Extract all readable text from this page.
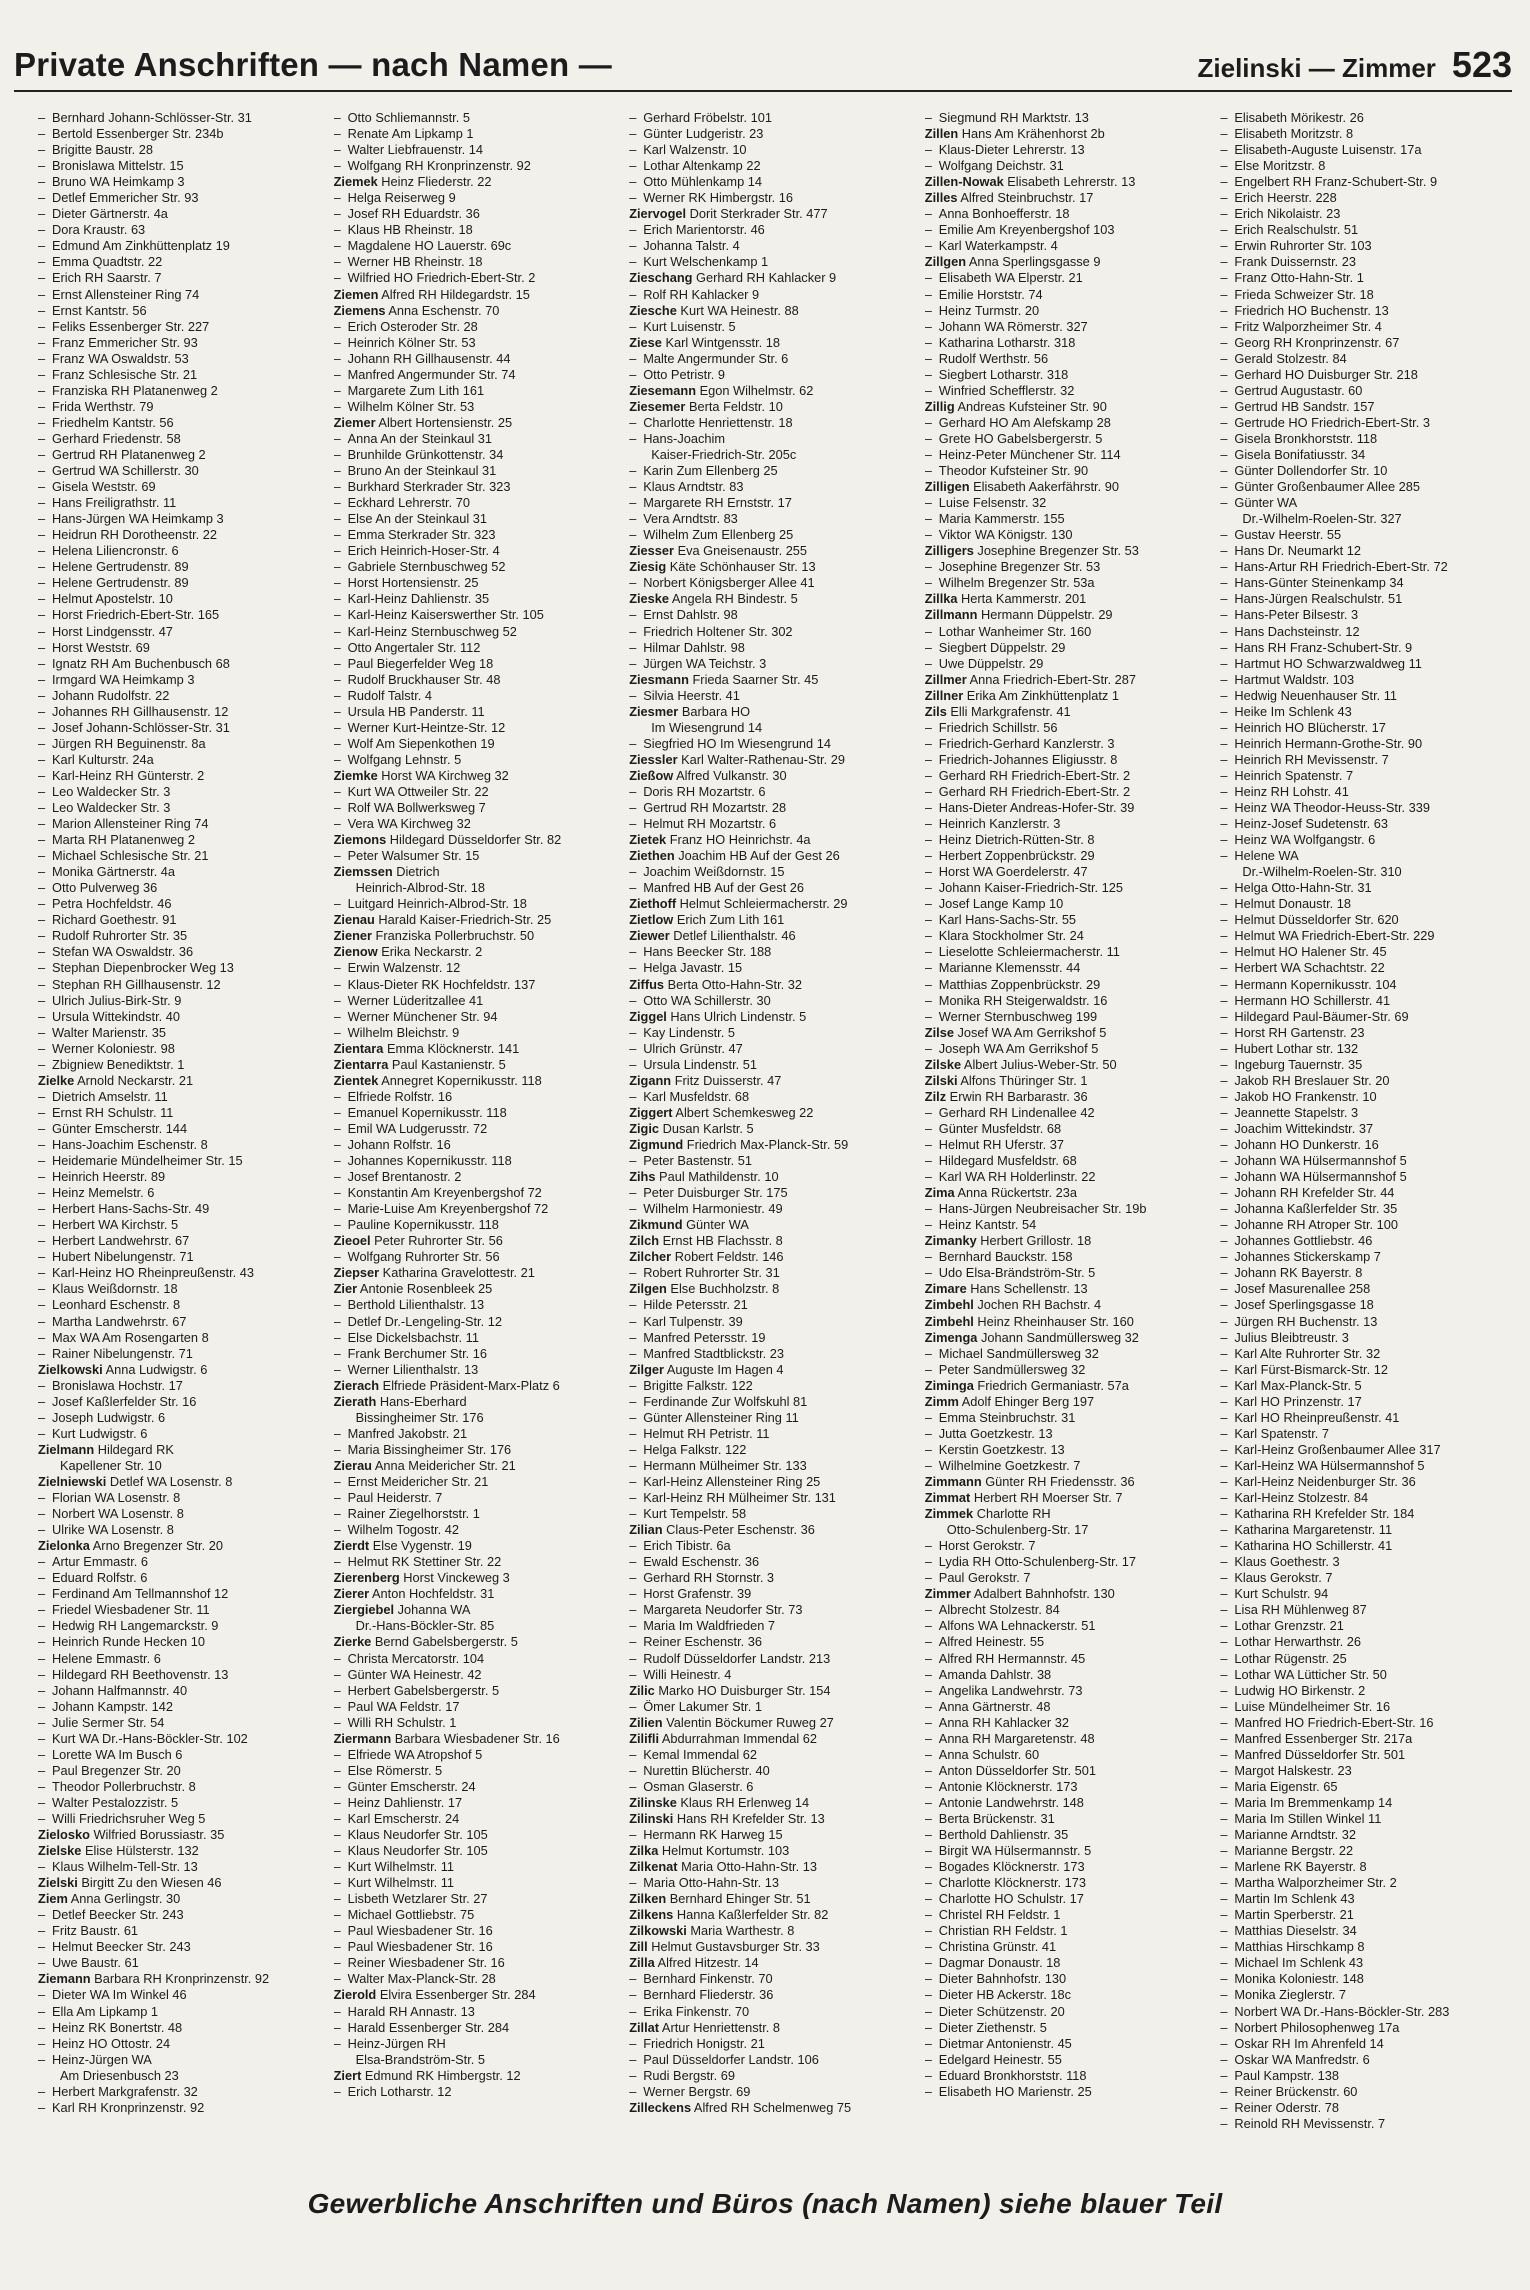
Private Anschriften — nach Namen —	Zielinski — Zimmer 523
– Bernhard Johann-Schlösser-Str. 31
– Bertold Essenberger Str. 234b
– Brigitte Baustr. 28
– Bronislawa Mittelstr. 15
– Bruno WA Heimkamp 3
– Detlef Emmericher Str. 93
– Dieter Gärtnerstr. 4a
– Dora Kraustr. 63
– Edmund Am Zinkhüttenplatz 19
– Emma Quadtstr. 22
– Erich RH Saarstr. 7
– Ernst Allensteiner Ring 74
– Ernst Kantstr. 56
– Feliks Essenberger Str. 227
– Franz Emmericher Str. 93
– Franz WA Oswaldstr. 53
– Franz Schlesische Str. 21
– Franziska RH Platanenweg 2
– Frida Werthstr. 79
– Friedhelm Kantstr. 56
– Gerhard Friedenstr. 58
– Gertrud RH Platanenweg 2
– Gertrud WA Schillerstr. 30
– Gisela Weststr. 69
– Hans Freiligrathstr. 11
– Hans-Jürgen WA Heimkamp 3
– Heidrun RH Dorotheenstr. 22
– Helena Liliencronstr. 6
– Helene Gertrudenstr. 89
– Helene Gertrudenstr. 89
– Helmut Apostelstr. 10
– Horst Friedrich-Ebert-Str. 165
– Horst Lindgensstr. 47
– Horst Weststr. 69
– Ignatz RH Am Buchenbusch 68
– Irmgard WA Heimkamp 3
– Johann Rudolfstr. 22
– Johannes RH Gillhausenstr. 12
– Josef Johann-Schlösser-Str. 31
– Jürgen RH Beguinenstr. 8a
– Karl Kulturstr. 24a
– Karl-Heinz RH Günterstr. 2
– Leo Waldecker Str. 3
– Leo Waldecker Str. 3
– Marion Allensteiner Ring 74
– Marta RH Platanenweg 2
– Michael Schlesische Str. 21
– Monika Gärtnerstr. 4a
– Otto Pulverweg 36
– Petra Hochfeldstr. 46
– Richard Goethestr. 91
– Rudolf Ruhrorter Str. 35
– Stefan WA Oswaldstr. 36
– Stephan Diepenbrocker Weg 13
– Stephan RH Gillhausenstr. 12
– Ulrich Julius-Birk-Str. 9
– Ursula Wittekindstr. 40
– Walter Marienstr. 35
– Werner Koloniestr. 98
– Zbigniew Benediktstr. 1
Zielke Arnold Neckarstr. 21
– Dietrich Amselstr. 11
– Ernst RH Schulstr. 11
– Günter Emscherstr. 144
– Hans-Joachim Eschenstr. 8
– Heidemarie Mündelheimer Str. 15
– Heinrich Heerstr. 89
– Heinz Memelstr. 6
– Herbert Hans-Sachs-Str. 49
– Herbert WA Kirchstr. 5
– Herbert Landwehrstr. 67
– Hubert Nibelungenstr. 71
– Karl-Heinz HO Rheinpreußenstr. 43
– Klaus Weißdornstr. 18
– Leonhard Eschenstr. 8
– Martha Landwehrstr. 67
– Max WA Am Rosengarten 8
– Rainer Nibelungenstr. 71
Zielkowski Anna Ludwigstr. 6
– Bronislawa Hochstr. 17
– Josef Kaßlerfelder Str. 16
– Joseph Ludwigstr. 6
– Kurt Ludwigstr. 6
Zielmann Hildegard RK
Kapellener Str. 10
Zielniewski Detlef WA Losenstr. 8
– Florian WA Losenstr. 8
– Norbert WA Losenstr. 8
– Ulrike WA Losenstr. 8
Zielonka Arno Bregenzer Str. 20
– Artur Emmastr. 6
– Eduard Rolfstr. 6
– Ferdinand Am Tellmannshof 12
– Friedel Wiesbadener Str. 11
– Hedwig RH Langemarckstr. 9
– Heinrich Runde Hecken 10
– Helene Emmastr. 6
– Hildegard RH Beethovenstr. 13
– Johann Halfmannstr. 40
– Johann Kampstr. 142
– Julie Sermer Str. 54
– Kurt WA Dr.-Hans-Böckler-Str. 102
– Lorette WA Im Busch 6
– Paul Bregenzer Str. 20
– Theodor Pollerbruchstr. 8
– Walter Pestalozzistr. 5
– Willi Friedrichsruher Weg 5
Zielosko Wilfried Borussiastr. 35
Zielske Elise Hülsterstr. 132
– Klaus Wilhelm-Tell-Str. 13
Zielski Birgitt Zu den Wiesen 46
Ziem Anna Gerlingstr. 30
– Detlef Beecker Str. 243
– Fritz Baustr. 61
– Helmut Beecker Str. 243
– Uwe Baustr. 61
Ziemann Barbara RH Kronprinzenstr. 92
– Dieter WA Im Winkel 46
– Ella Am Lipkamp 1
– Heinz RK Bonertstr. 48
– Heinz HO Ottostr. 24
– Heinz-Jürgen WA
Am Driesenbusch 23
– Herbert Markgrafenstr. 32
– Karl RH Kronprinzenstr. 92
– Otto Schliemannstr. 5
– Renate Am Lipkamp 1
– Walter Liebfrauenstr. 14
– Wolfgang RH Kronprinzenstr. 92
Ziemek Heinz Fliederstr. 22
– Helga Reiserweg 9
– Josef RH Eduardstr. 36
– Klaus HB Rheinstr. 18
– Magdalene HO Lauerstr. 69c
– Werner HB Rheinstr. 18
– Wilfried HO Friedrich-Ebert-Str. 2
Ziemen Alfred RH Hildegardstr. 15
Ziemens Anna Eschenstr. 70
– Erich Osteroder Str. 28
– Heinrich Kölner Str. 53
– Johann RH Gillhausenstr. 44
– Manfred Angermunder Str. 74
– Margarete Zum Lith 161
– Wilhelm Kölner Str. 53
Ziemer Albert Hortensienstr. 25
– Anna An der Steinkaul 31
– Brunhilde Grünkottenstr. 34
– Bruno An der Steinkaul 31
– Burkhard Sterkrader Str. 323
– Eckhard Lehrerstr. 70
– Else An der Steinkaul 31
– Emma Sterkrader Str. 323
– Erich Heinrich-Hoser-Str. 4
– Gabriele Sternbuschweg 52
– Horst Hortensienstr. 25
– Karl-Heinz Dahlienstr. 35
– Karl-Heinz Kaiserswerther Str. 105
– Karl-Heinz Sternbuschweg 52
– Otto Angertaler Str. 112
– Paul Biegerfelder Weg 18
– Rudolf Bruckhauser Str. 48
– Rudolf Talstr. 4
– Ursula HB Panderstr. 11
– Werner Kurt-Heintze-Str. 12
– Wolf Am Siepenkothen 19
– Wolfgang Lehnstr. 5
Ziemke Horst WA Kirchweg 32
– Kurt WA Ottweiler Str. 22
– Rolf WA Bollwerksweg 7
– Vera WA Kirchweg 32
Ziemons Hildegard Düsseldorfer Str. 82
– Peter Walsumer Str. 15
Ziemssen Dietrich
Heinrich-Albrod-Str. 18
– Luitgard Heinrich-Albrod-Str. 18
Zienau Harald Kaiser-Friedrich-Str. 25
Ziener Franziska Pollerbruchstr. 50
Zienow Erika Neckarstr. 2
– Erwin Walzenstr. 12
– Klaus-Dieter RK Hochfeldstr. 137
– Werner Lüderitzallee 41
– Werner Münchener Str. 94
– Wilhelm Bleichstr. 9
Zientara Emma Klöcknerstr. 141
Zientarra Paul Kastanienstr. 5
Zientek Annegret Kopernikusstr. 118
– Elfriede Rolfstr. 16
– Emanuel Kopernikusstr. 118
– Emil WA Ludgerusstr. 72
– Johann Rolfstr. 16
– Johannes Kopernikusstr. 118
– Josef Brentanostr. 2
– Konstantin Am Kreyenbergshof 72
– Marie-Luise Am Kreyenbergshof 72
– Pauline Kopernikusstr. 118
Zieoel Peter Ruhrorter Str. 56
– Wolfgang Ruhrorter Str. 56
Ziepser Katharina Gravelottestr. 21
Zier Antonie Rosenbleek 25
– Berthold Lilienthalstr. 13
– Detlef Dr.-Lengeling-Str. 12
– Else Dickelsbachstr. 11
– Frank Berchumer Str. 16
– Werner Lilienthalstr. 13
Zierach Elfriede Präsident-Marx-Platz 6
Zierath Hans-Eberhard
Bissingheimer Str. 176
– Manfred Jakobstr. 21
– Maria Bissingheimer Str. 176
Zierau Anna Meidericher Str. 21
– Ernst Meidericher Str. 21
– Paul Heiderstr. 7
– Rainer Ziegelhorststr. 1
– Wilhelm Togostr. 42
Zierdt Else Vygenstr. 19
– Helmut RK Stettiner Str. 22
Zierenberg Horst Vinckeweg 3
Zierer Anton Hochfeldstr. 31
Ziergiebel Johanna WA
Dr.-Hans-Böckler-Str. 85
Zierke Bernd Gabelsbergerstr. 5
– Christa Mercatorstr. 104
– Günter WA Heinestr. 42
– Herbert Gabelsbergerstr. 5
– Paul WA Feldstr. 17
– Willi RH Schulstr. 1
Ziermann Barbara Wiesbadener Str. 16
– Elfriede WA Atropshof 5
– Else Römerstr. 5
– Günter Emscherstr. 24
– Heinz Dahlienstr. 17
– Karl Emscherstr. 24
– Klaus Neudorfer Str. 105
– Klaus Neudorfer Str. 105
– Kurt Wilhelmstr. 11
– Kurt Wilhelmstr. 11
– Lisbeth Wetzlarer Str. 27
– Michael Gottliebstr. 75
– Paul Wiesbadener Str. 16
– Paul Wiesbadener Str. 16
– Reiner Wiesbadener Str. 16
– Walter Max-Planck-Str. 28
Zierold Elvira Essenberger Str. 284
– Harald RH Annastr. 13
– Harald Essenberger Str. 284
– Heinz-Jürgen RH
Elsa-Brandström-Str. 5
Ziert Edmund RK Himbergstr. 12
– Erich Lotharstr. 12
– Gerhard Fröbelstr. 101
– Günter Ludgeristr. 23
– Karl Walzenstr. 10
– Lothar Altenkamp 22
– Otto Mühlenkamp 14
– Werner RK Himbergstr. 16
Ziervogel Dorit Sterkrader Str. 477
– Erich Marientorstr. 46
– Johanna Talstr. 4
– Kurt Welschenkamp 1
Zieschang Gerhard RH Kahlacker 9
– Rolf RH Kahlacker 9
Ziesche Kurt WA Heinestr. 88
– Kurt Luisenstr. 5
Ziese Karl Wintgensstr. 18
– Malte Angermunder Str. 6
– Otto Petristr. 9
Ziesemann Egon Wilhelmstr. 62
Ziesemer Berta Feldstr. 10
– Charlotte Henriettenstr. 18
– Hans-Joachim
Kaiser-Friedrich-Str. 205c
– Karin Zum Ellenberg 25
– Klaus Arndtstr. 83
– Margarete RH Ernststr. 17
– Vera Arndtstr. 83
– Wilhelm Zum Ellenberg 25
Ziesser Eva Gneisenaustr. 255
Ziesig Käte Schönhauser Str. 13
– Norbert Königsberger Allee 41
Zieske Angela RH Bindestr. 5
– Ernst Dahlstr. 98
– Friedrich Holtener Str. 302
– Hilmar Dahlstr. 98
– Jürgen WA Teichstr. 3
Ziesmann Frieda Saarner Str. 45
– Silvia Heerstr. 41
Ziesmer Barbara HO
Im Wiesengrund 14
– Siegfried HO Im Wiesengrund 14
Ziessler Karl Walter-Rathenau-Str. 29
Zießow Alfred Vulkanstr. 30
– Doris RH Mozartstr. 6
– Gertrud RH Mozartstr. 28
– Helmut RH Mozartstr. 6
Zietek Franz HO Heinrichstr. 4a
Ziethen Joachim HB Auf der Gest 26
– Joachim Weißdornstr. 15
– Manfred HB Auf der Gest 26
Ziethoff Helmut Schleiermacherstr. 29
Zietlow Erich Zum Lith 161
Ziewer Detlef Lilienthalstr. 46
– Hans Beecker Str. 188
– Helga Javastr. 15
Ziffus Berta Otto-Hahn-Str. 32
– Otto WA Schillerstr. 30
Ziggel Hans Ulrich Lindenstr. 5
– Kay Lindenstr. 5
– Ulrich Grünstr. 47
– Ursula Lindenstr. 51
Zigann Fritz Duisserstr. 47
– Karl Musfeldstr. 68
Ziggert Albert Schemkesweg 22
Zigic Dusan Karlstr. 5
Zigmund Friedrich Max-Planck-Str. 59
– Peter Bastenstr. 51
Zihs Paul Mathildenstr. 10
– Peter Duisburger Str. 175
– Wilhelm Harmoniestr. 49
Zikmund Günter WA
Zilch Ernst HB Flachsstr. 8
Zilcher Robert Feldstr. 146
– Robert Ruhrorter Str. 31
Zilgen Else Buchholzstr. 8
– Hilde Petersstr. 21
– Karl Tulpenstr. 39
– Manfred Petersstr. 19
– Manfred Stadtblickstr. 23
Zilger Auguste Im Hagen 4
– Brigitte Falkstr. 122
– Ferdinande Zur Wolfskuhl 81
– Günter Allensteiner Ring 11
– Helmut RH Petristr. 11
– Helga Falkstr. 122
– Hermann Mülheimer Str. 133
– Karl-Heinz Allensteiner Ring 25
– Karl-Heinz RH Mülheimer Str. 131
– Kurt Tempelstr. 58
Zilian Claus-Peter Eschenstr. 36
– Erich Tibistr. 6a
– Ewald Eschenstr. 36
– Gerhard RH Stornstr. 3
– Horst Grafenstr. 39
– Margareta Neudorfer Str. 73
– Maria Im Waldfrieden 7
– Reiner Eschenstr. 36
– Rudolf Düsseldorfer Landstr. 213
– Willi Heinestr. 4
Zilic Marko HO Duisburger Str. 154
– Ömer Lakumer Str. 1
Zilien Valentin Böckumer Ruweg 27
Zilifli Abdurrahman Immendal 62
– Kemal Immendal 62
– Nurettin Blücherstr. 40
– Osman Glaserstr. 6
Zilinske Klaus RH Erlenweg 14
Zilinski Hans RH Krefelder Str. 13
– Hermann RK Harweg 15
Zilka Helmut Kortumstr. 103
Zilkenat Maria Otto-Hahn-Str. 13
– Maria Otto-Hahn-Str. 13
Zilken Bernhard Ehinger Str. 51
Zilkens Hanna Kaßlerfelder Str. 82
Zilkowski Maria Warthestr. 8
Zill Helmut Gustavsburger Str. 33
Zilla Alfred Hitzestr. 14
– Bernhard Finkenstr. 70
– Bernhard Fliederstr. 36
– Erika Finkenstr. 70
Zillat Artur Henriettenstr. 8
– Friedrich Honigstr. 21
– Paul Düsseldorfer Landstr. 106
– Rudi Bergstr. 69
– Werner Bergstr. 69
Zilleckens Alfred RH Schelmenweg 75
– Siegmund RH Marktstr. 13
Zillen Hans Am Krähenhorst 2b
– Klaus-Dieter Lehrerstr. 13
– Wolfgang Deichstr. 31
Zillen-Nowak Elisabeth Lehrerstr. 13
Zilles Alfred Steinbruchstr. 17
– Anna Bonhoefferstr. 18
– Emilie Am Kreyenbergshof 103
– Karl Waterkampstr. 4
Zillgen Anna Sperlingsgasse 9
– Elisabeth WA Elperstr. 21
– Emilie Horststr. 74
– Heinz Turmstr. 20
– Johann WA Römerstr. 327
– Katharina Lotharstr. 318
– Rudolf Werthstr. 56
– Siegbert Lotharstr. 318
– Winfried Schefflerstr. 32
Zillig Andreas Kufsteiner Str. 90
– Gerhard HO Am Alefskamp 28
– Grete HO Gabelsbergerstr. 5
– Heinz-Peter Münchener Str. 114
– Theodor Kufsteiner Str. 90
Zilligen Elisabeth Aakerfährstr. 90
– Luise Felsenstr. 32
– Maria Kammerstr. 155
– Viktor WA Königstr. 130
Zilligers Josephine Bregenzer Str. 53
– Josephine Bregenzer Str. 53
– Wilhelm Bregenzer Str. 53a
Zillka Herta Kammerstr. 201
Zillmann Hermann Düppelstr. 29
– Lothar Wanheimer Str. 160
– Siegbert Düppelstr. 29
– Uwe Düppelstr. 29
Zillmer Anna Friedrich-Ebert-Str. 287
Zillner Erika Am Zinkhüttenplatz 1
Zils Elli Markgrafenstr. 41
– Friedrich Schillstr. 56
– Friedrich-Gerhard Kanzlerstr. 3
– Friedrich-Johannes Eligiusstr. 8
– Gerhard RH Friedrich-Ebert-Str. 2
– Gerhard RH Friedrich-Ebert-Str. 2
– Hans-Dieter Andreas-Hofer-Str. 39
– Heinrich Kanzlerstr. 3
– Heinz Dietrich-Rütten-Str. 8
– Herbert Zoppenbrückstr. 29
– Horst WA Goerdelerstr. 47
– Johann Kaiser-Friedrich-Str. 125
– Josef Lange Kamp 10
– Karl Hans-Sachs-Str. 55
– Klara Stockholmer Str. 24
– Lieselotte Schleiermacherstr. 11
– Marianne Klemensstr. 44
– Matthias Zoppenbrückstr. 29
– Monika RH Steigerwaldstr. 16
– Werner Sternbuschweg 199
Zilse Josef WA Am Gerrikshof 5
– Joseph WA Am Gerrikshof 5
Zilske Albert Julius-Weber-Str. 50
Zilski Alfons Thüringer Str. 1
Zilz Erwin RH Barbarastr. 36
– Gerhard RH Lindenallee 42
– Günter Musfeldstr. 68
– Helmut RH Uferstr. 37
– Hildegard Musfeldstr. 68
– Karl WA RH Holderlinstr. 22
Zima Anna Rückertstr. 23a
– Hans-Jürgen Neubreisacher Str. 19b
– Heinz Kantstr. 54
Zimanky Herbert Grillostr. 18
– Bernhard Bauckstr. 158
– Udo Elsa-Brändström-Str. 5
Zimare Hans Schellenstr. 13
Zimbehl Jochen RH Bachstr. 4
Zimbehl Heinz Rheinhauser Str. 160
Zimenga Johann Sandmüllersweg 32
– Michael Sandmüllersweg 32
– Peter Sandmüllersweg 32
Ziminga Friedrich Germaniastr. 57a
Zimm Adolf Ehinger Berg 197
– Emma Steinbruchstr. 31
– Jutta Goetzkestr. 13
– Kerstin Goetzkestr. 13
– Wilhelmine Goetzkestr. 7
Zimmann Günter RH Friedensstr. 36
Zimmat Herbert RH Moerser Str. 7
Zimmek Charlotte RH
Otto-Schulenberg-Str. 17
– Horst Gerokstr. 7
– Lydia RH Otto-Schulenberg-Str. 17
– Paul Gerokstr. 7
Zimmer Adalbert Bahnhofstr. 130
– Albrecht Stolzestr. 84
– Alfons WA Lehnackerstr. 51
– Alfred Heinestr. 55
– Alfred RH Hermannstr. 45
– Amanda Dahlstr. 38
– Angelika Landwehrstr. 73
– Anna Gärtnerstr. 48
– Anna RH Kahlacker 32
– Anna RH Margaretenstr. 48
– Anna Schulstr. 60
– Anton Düsseldorfer Str. 501
– Antonie Klöcknerstr. 173
– Antonie Landwehrstr. 148
– Berta Brückenstr. 31
– Berthold Dahlienstr. 35
– Birgit WA Hülsermannstr. 5
– Bogades Klöcknerstr. 173
– Charlotte Klöcknerstr. 173
– Charlotte HO Schulstr. 17
– Christel RH Feldstr. 1
– Christian RH Feldstr. 1
– Christina Grünstr. 41
– Dagmar Donaustr. 18
– Dieter Bahnhofstr. 130
– Dieter HB Ackerstr. 18c
– Dieter Schützenstr. 20
– Dieter Ziethenstr. 5
– Dietmar Antonienstr. 45
– Edelgard Heinestr. 55
– Eduard Bronkhorststr. 118
– Elisabeth HO Marienstr. 25
– Elisabeth Mörikestr. 26
– Elisabeth Moritzstr. 8
– Elisabeth-Auguste Luisenstr. 17a
– Else Moritzstr. 8
– Engelbert RH Franz-Schubert-Str. 9
– Erich Heerstr. 228
– Erich Nikolaistr. 23
– Erich Realschulstr. 51
– Erwin Ruhrorter Str. 103
– Frank Duissernstr. 23
– Franz Otto-Hahn-Str. 1
– Frieda Schweizer Str. 18
– Friedrich HO Buchenstr. 13
– Fritz Walporzheimer Str. 4
– Georg RH Kronprinzenstr. 67
– Gerald Stolzestr. 84
– Gerhard HO Duisburger Str. 218
– Gertrud Augustastr. 60
– Gertrud HB Sandstr. 157
– Gertrude HO Friedrich-Ebert-Str. 3
– Gisela Bronkhorststr. 118
– Gisela Bonifatiusstr. 34
– Günter Dollendorfer Str. 10
– Günter Großenbaumer Allee 285
– Günter WA
Dr.-Wilhelm-Roelen-Str. 327
– Gustav Heerstr. 55
– Hans Dr. Neumarkt 12
– Hans-Artur RH Friedrich-Ebert-Str. 72
– Hans-Günter Steinenkamp 34
– Hans-Jürgen Realschulstr. 51
– Hans-Peter Bilsestr. 3
– Hans Dachsteinstr. 12
– Hans RH Franz-Schubert-Str. 9
– Hartmut HO Schwarzwaldweg 11
– Hartmut Waldstr. 103
– Hedwig Neuenhauser Str. 11
– Heike Im Schlenk 43
– Heinrich HO Blücherstr. 17
– Heinrich Hermann-Grothe-Str. 90
– Heinrich RH Mevissenstr. 7
– Heinrich Spatenstr. 7
– Heinz RH Lohstr. 41
– Heinz WA Theodor-Heuss-Str. 339
– Heinz-Josef Sudetenstr. 63
– Heinz WA Wolfgangstr. 6
– Helene WA
Dr.-Wilhelm-Roelen-Str. 310
– Helga Otto-Hahn-Str. 31
– Helmut Donaustr. 18
– Helmut Düsseldorfer Str. 620
– Helmut WA Friedrich-Ebert-Str. 229
– Helmut HO Halener Str. 45
– Herbert WA Schachtstr. 22
– Hermann Kopernikusstr. 104
– Hermann HO Schillerstr. 41
– Hildegard Paul-Bäumer-Str. 69
– Horst RH Gartenstr. 23
– Hubert Lothar str. 132
– Ingeburg Tauernstr. 35
– Jakob RH Breslauer Str. 20
– Jakob HO Frankenstr. 10
– Jeannette Stapelstr. 3
– Joachim Wittekindstr. 37
– Johann HO Dunkerstr. 16
– Johann WA Hülsermannshof 5
– Johann WA Hülsermannshof 5
– Johann RH Krefelder Str. 44
– Johanna Kaßlerfelder Str. 35
– Johanne RH Atroper Str. 100
– Johannes Gottliebstr. 46
– Johannes Stickerskamp 7
– Johann RK Bayerstr. 8
– Josef Masurenallee 258
– Josef Sperlingsgasse 18
– Jürgen RH Buchenstr. 13
– Julius Bleibtreustr. 3
– Karl Alte Ruhrorter Str. 32
– Karl Fürst-Bismarck-Str. 12
– Karl Max-Planck-Str. 5
– Karl HO Prinzenstr. 17
– Karl HO Rheinpreußenstr. 41
– Karl Spatenstr. 7
– Karl-Heinz Großenbaumer Allee 317
– Karl-Heinz WA Hülsermannshof 5
– Karl-Heinz Neidenburger Str. 36
– Karl-Heinz Stolzestr. 84
– Katharina RH Krefelder Str. 184
– Katharina Margaretenstr. 11
– Katharina HO Schillerstr. 41
– Klaus Goethestr. 3
– Klaus Gerokstr. 7
– Kurt Schulstr. 94
– Lisa RH Mühlenweg 87
– Lothar Grenzstr. 21
– Lothar Herwarthstr. 26
– Lothar Rügenstr. 25
– Lothar WA Lütticher Str. 50
– Ludwig HO Birkenstr. 2
– Luise Mündelheimer Str. 16
– Manfred HO Friedrich-Ebert-Str. 16
– Manfred Essenberger Str. 217a
– Manfred Düsseldorfer Str. 501
– Margot Halskestr. 23
– Maria Eigenstr. 65
– Maria Im Bremmenkamp 14
– Maria Im Stillen Winkel 11
– Marianne Arndtstr. 32
– Marianne Bergstr. 22
– Marlene RK Bayerstr. 8
– Martha Walporzheimer Str. 2
– Martin Im Schlenk 43
– Martin Sperberstr. 21
– Matthias Dieselstr. 34
– Matthias Hirschkamp 8
– Michael Im Schlenk 43
– Monika Koloniestr. 148
– Monika Zieglerstr. 7
– Norbert WA Dr.-Hans-Böckler-Str. 283
– Norbert Philosophenweg 17a
– Oskar RH Im Ahrenfeld 14
– Oskar WA Manfredstr. 6
– Paul Kampstr. 138
– Reiner Brückenstr. 60
– Reiner Oderstr. 78
– Reinold RH Mevissenstr. 7
Gewerbliche Anschriften und Büros (nach Namen) siehe blauer Teil
